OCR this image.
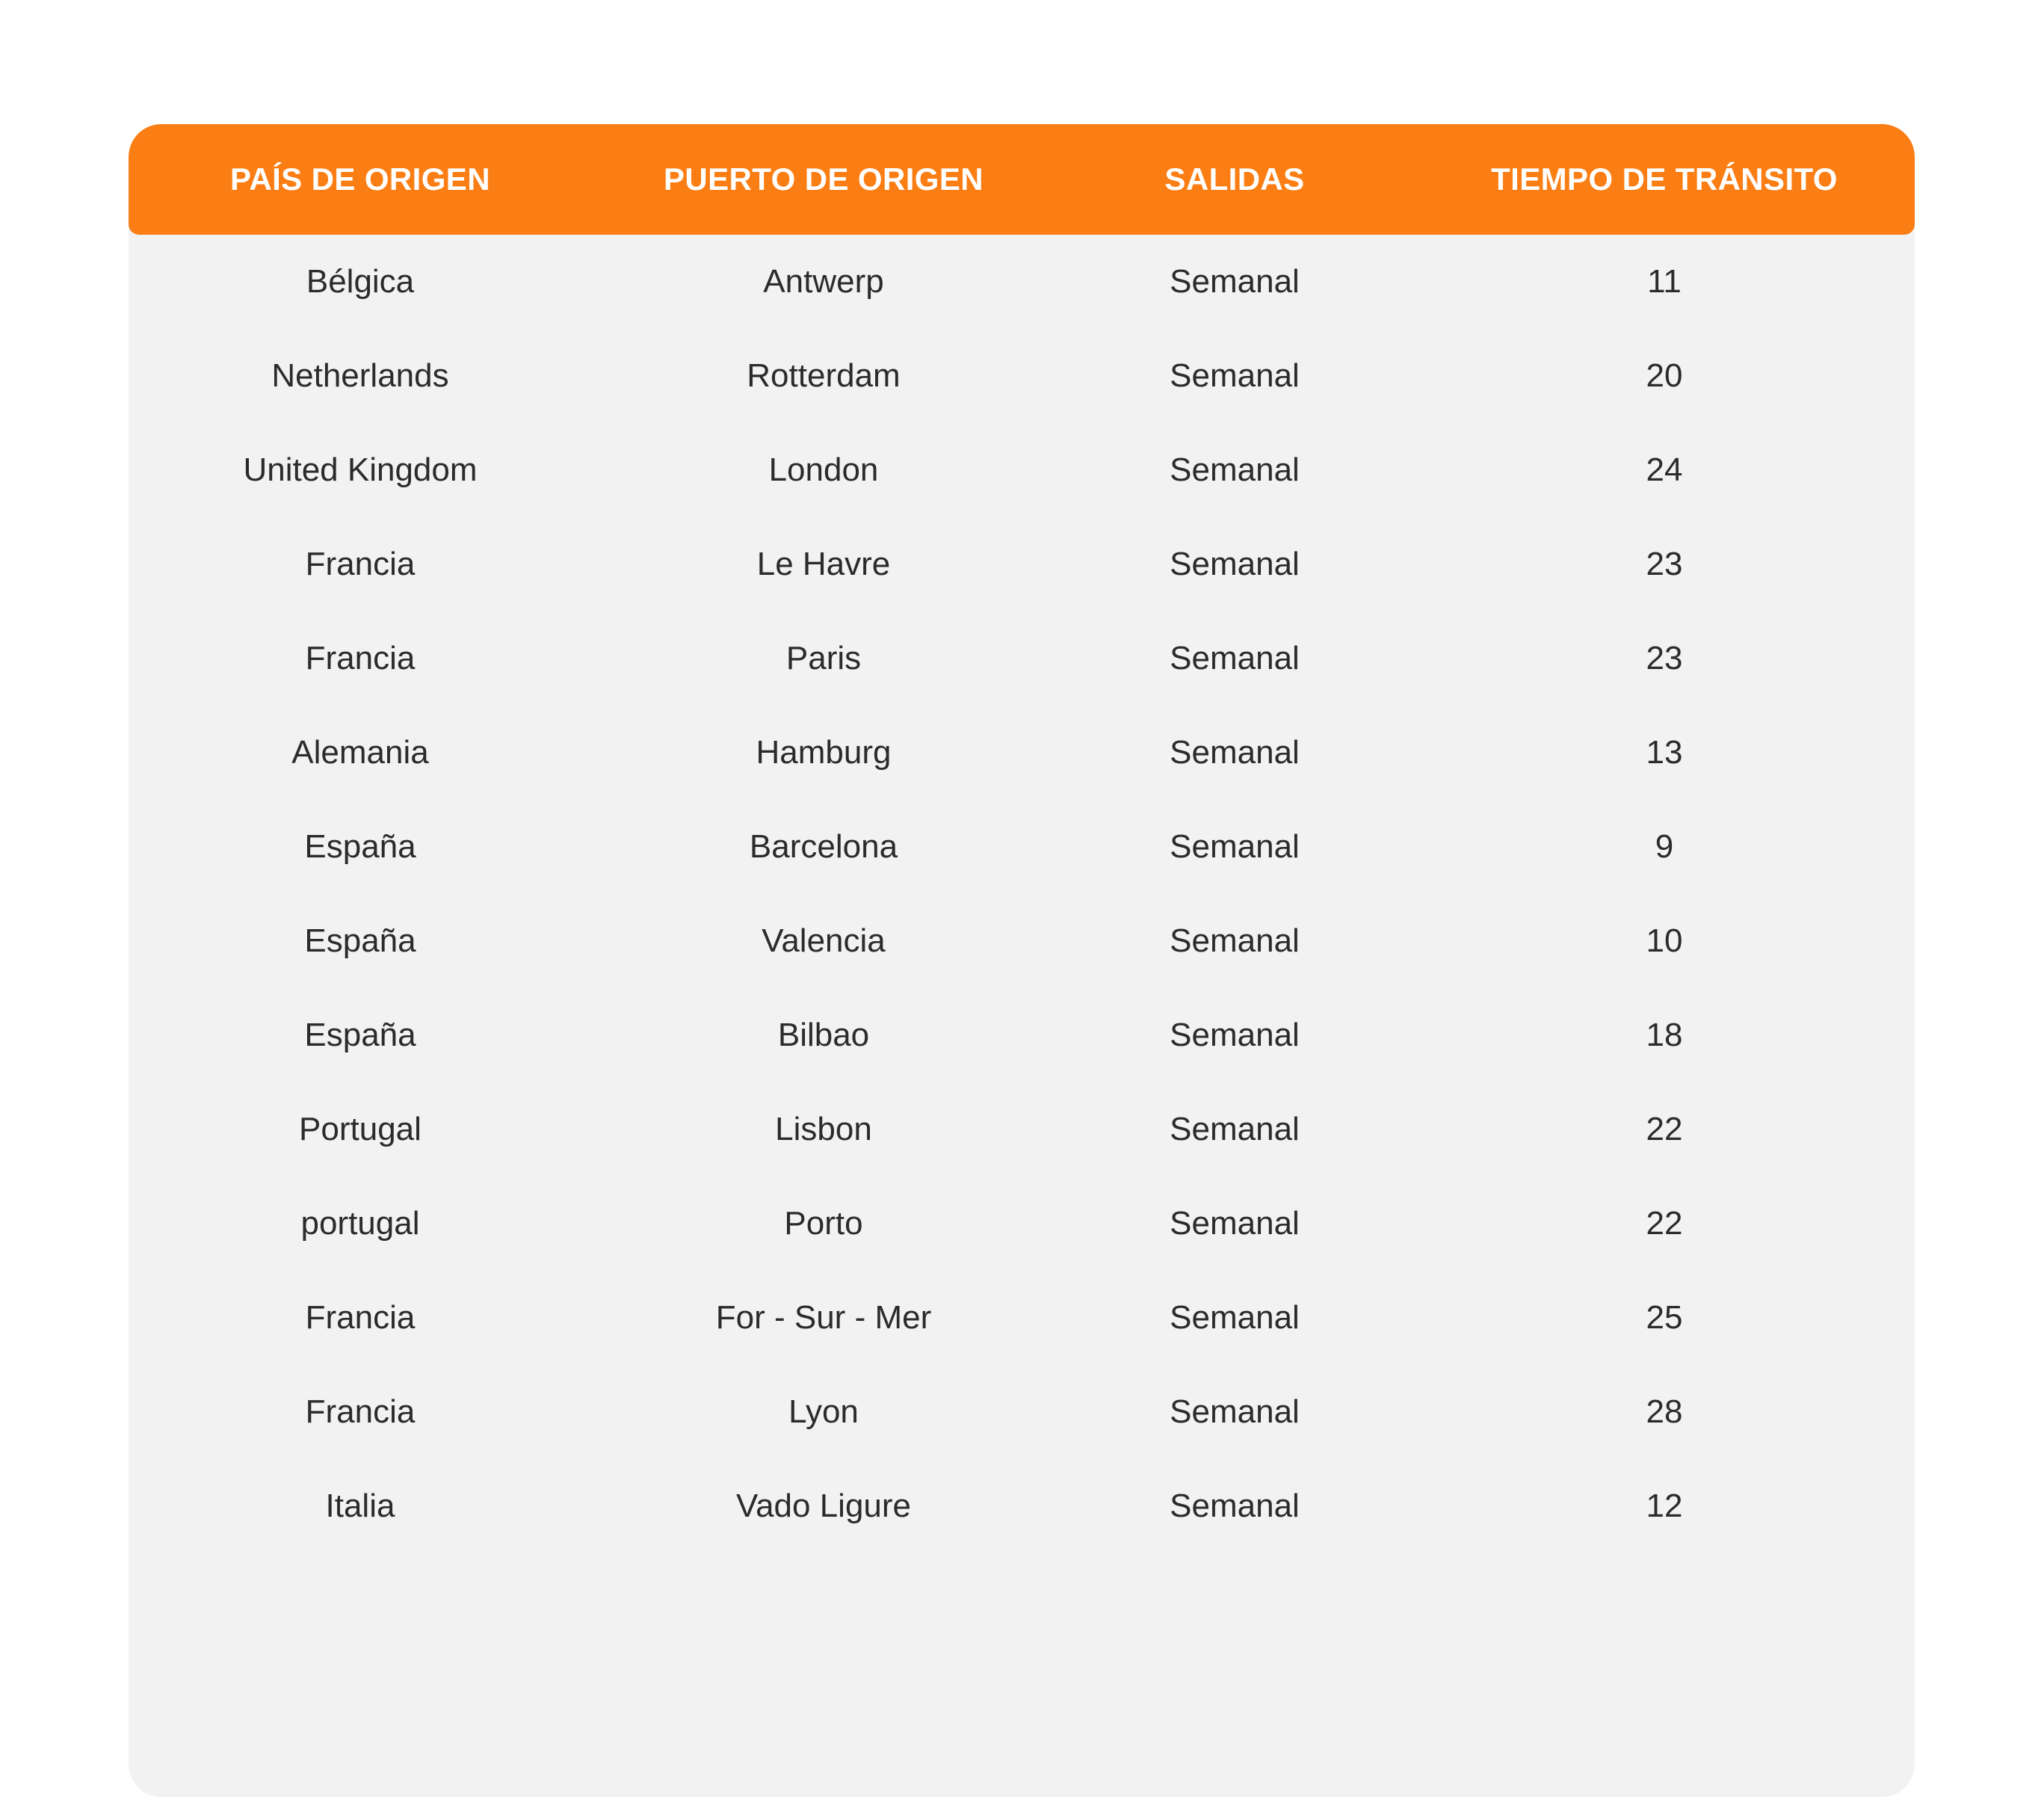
PAÍS DE ORIGEN	PUERTO DE ORIGEN	SALIDAS	TIEMPO DE TRÁNSITO
Bélgica	Antwerp	Semanal	11
Netherlands	Rotterdam	Semanal	20
United Kingdom	London	Semanal	24
Francia	Le Havre	Semanal	23
Francia	Paris	Semanal	23
Alemania	Hamburg	Semanal	13
España	Barcelona	Semanal	9
España	Valencia	Semanal	10
España	Bilbao	Semanal	18
Portugal	Lisbon	Semanal	22
portugal	Porto	Semanal	22
Francia	For - Sur - Mer	Semanal	25
Francia	Lyon	Semanal	28
Italia	Vado Ligure	Semanal	12
